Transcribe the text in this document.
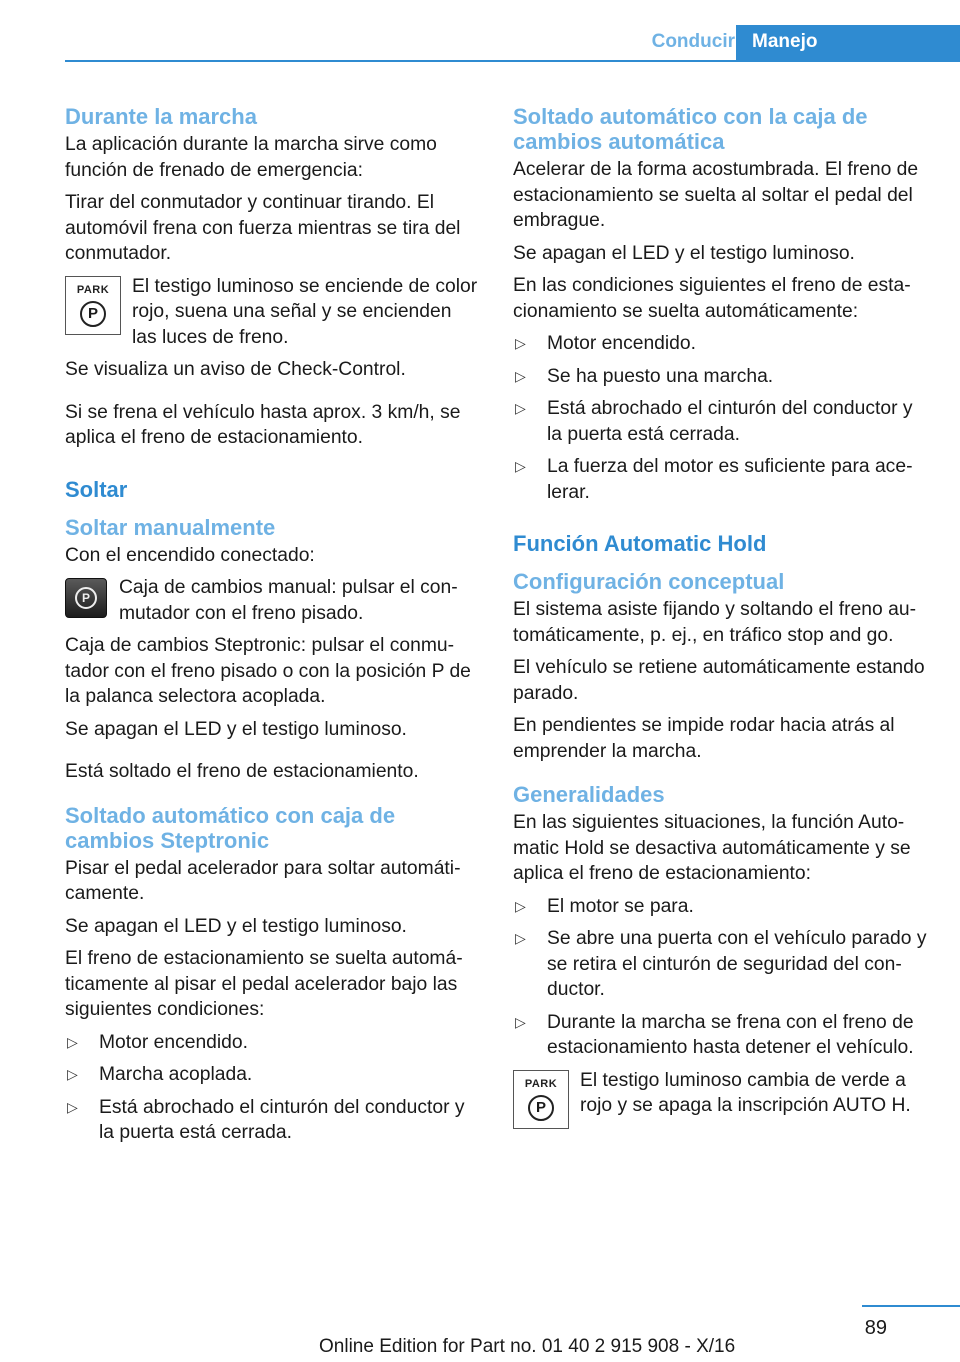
Conducir Manejo
Durante la marcha

La aplicación durante la marcha sirve como función de frenado de emergencia:

Tirar del conmutador y continuar tirando. El automóvil frena con fuerza mientras se tira del conmutador.

PARK
P
El testigo luminoso se enciende de color rojo, suena una señal y se encienden las luces de freno.

Se visualiza un aviso de Check-Control.

Si se frena el vehículo hasta aprox. 3 km/h, se aplica el freno de estacionamiento.

Soltar
Soltar manualmente

Con el encendido conectado:

P	Caja de cambios manual: pulsar el conmutador con el freno pisado.

Caja de cambios Steptronic: pulsar el conmutador con el freno pisado o con la posición P de la palanca selectora acoplada.

Se apagan el LED y el testigo luminoso.

Está soltado el freno de estacionamiento.

Soltado automático con caja de cambios Steptronic

Pisar el pedal acelerador para soltar automáticamente.

Se apagan el LED y el testigo luminoso.

El freno de estacionamiento se suelta automáticamente al pisar el pedal acelerador bajo las siguientes condiciones:

▷ Motor encendido.
▷ Marcha acoplada.
▷ Está abrochado el cinturón del conductor y la puerta está cerrada.
Soltado automático con la caja de cambios automática

Acelerar de la forma acostumbrada. El freno de estacionamiento se suelta al soltar el pedal del embrague.

Se apagan el LED y el testigo luminoso.

En las condiciones siguientes el freno de estacionamiento se suelta automáticamente:

▷ Motor encendido.
▷ Se ha puesto una marcha.
▷ Está abrochado el cinturón del conductor y la puerta está cerrada.
▷ La fuerza del motor es suficiente para acelerar.
Función Automatic Hold
Configuración conceptual

El sistema asiste fijando y soltando el freno automáticamente, p. ej., en tráfico stop and go.

El vehículo se retiene automáticamente estando parado.

En pendientes se impide rodar hacia atrás al emprender la marcha.

Generalidades

En las siguientes situaciones, la función Automatic Hold se desactiva automáticamente y se aplica el freno de estacionamiento:

▷ El motor se para.
▷ Se abre una puerta con el vehículo parado y se retira el cinturón de seguridad del conductor.
▷ Durante la marcha se frena con el freno de estacionamiento hasta detener el vehículo.
PARK
P
El testigo luminoso cambia de verde a rojo y se apaga la inscripción AUTO H.
89
Online Edition for Part no. 01 40 2 915 908 - X/16
